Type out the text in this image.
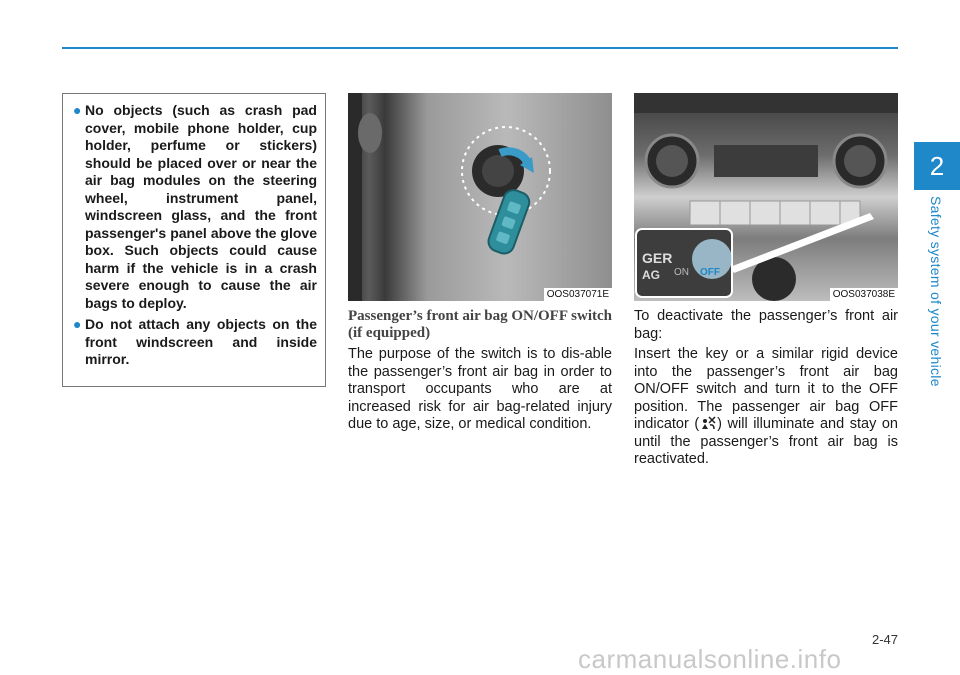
2
Safety system of your vehicle
● No objects (such as crash pad cover, mobile phone holder, cup holder, perfume or stickers) should be placed over or near the air bag modules on the steering wheel, instrument panel, windscreen glass, and the front passenger's panel above the glove box. Such objects could cause harm if the vehicle is in a crash severe enough to cause the air bags to deploy.
● Do not attach any objects on the front windscreen and inside mirror.
OOS037071E
GER
AG ON OFF
OOS037038E
Passenger’s front air bag ON/OFF switch (if equipped)
The purpose of the switch is to dis-able the passenger’s front air bag in order to transport occupants who are at increased risk for air bag-related injury due to age, size, or medical condition.
To deactivate the passenger’s front air bag:
Insert the key or a similar rigid device into the passenger’s front air bag ON/OFF switch and turn it to the OFF position. The passenger air bag OFF indicator ( ) will illuminate and stay on until the passenger’s front air bag is reactivated.
2-47
carmanualsonline.info
